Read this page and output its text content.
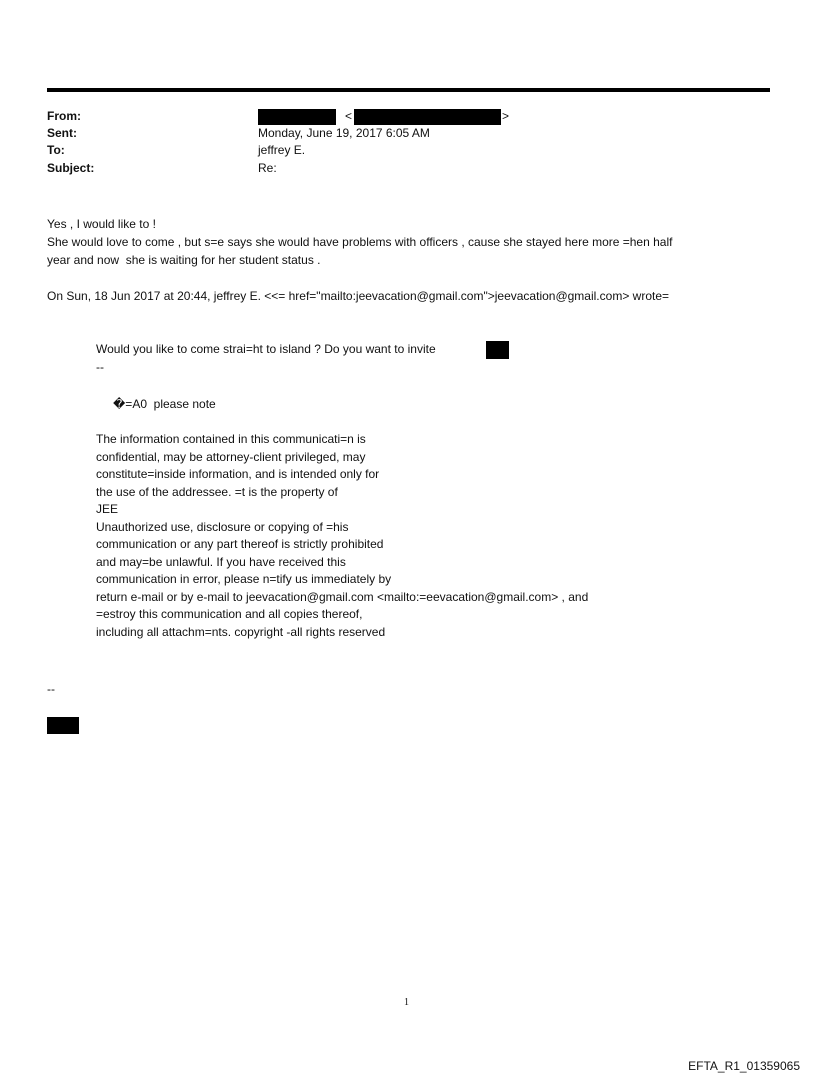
From:	<	>
Sent:	Monday, June 19, 2017 6:05 AM
To:	jeffrey E.
Subject:	Re:
Yes , I would like to !
She would love to come , but s=e says she would have problems with officers , cause she stayed here more =hen half
year and now  she is waiting for her student status .
On Sun, 18 Jun 2017 at 20:44, jeffrey E. <<= href="mailto:jeevacation@gmail.com">jeevacation@gmail.com> wrote=
Would you like to come strai=ht to island ? Do you want to invite
--
�=A0  please note
The information contained in this communicati=n is
confidential, may be attorney-client privileged, may
constitute=inside information, and is intended only for
the use of the addressee. =t is the property of
JEE
Unauthorized use, disclosure or copying of =his
communication or any part thereof is strictly prohibited
and may=be unlawful. If you have received this
communication in error, please n=tify us immediately by
return e-mail or by e-mail to jeevacation@gmail.com <mailto:=eevacation@gmail.com> , and
=estroy this communication and all copies thereof,
including all attachm=nts. copyright -all rights reserved
--
1
EFTA_R1_01359065
